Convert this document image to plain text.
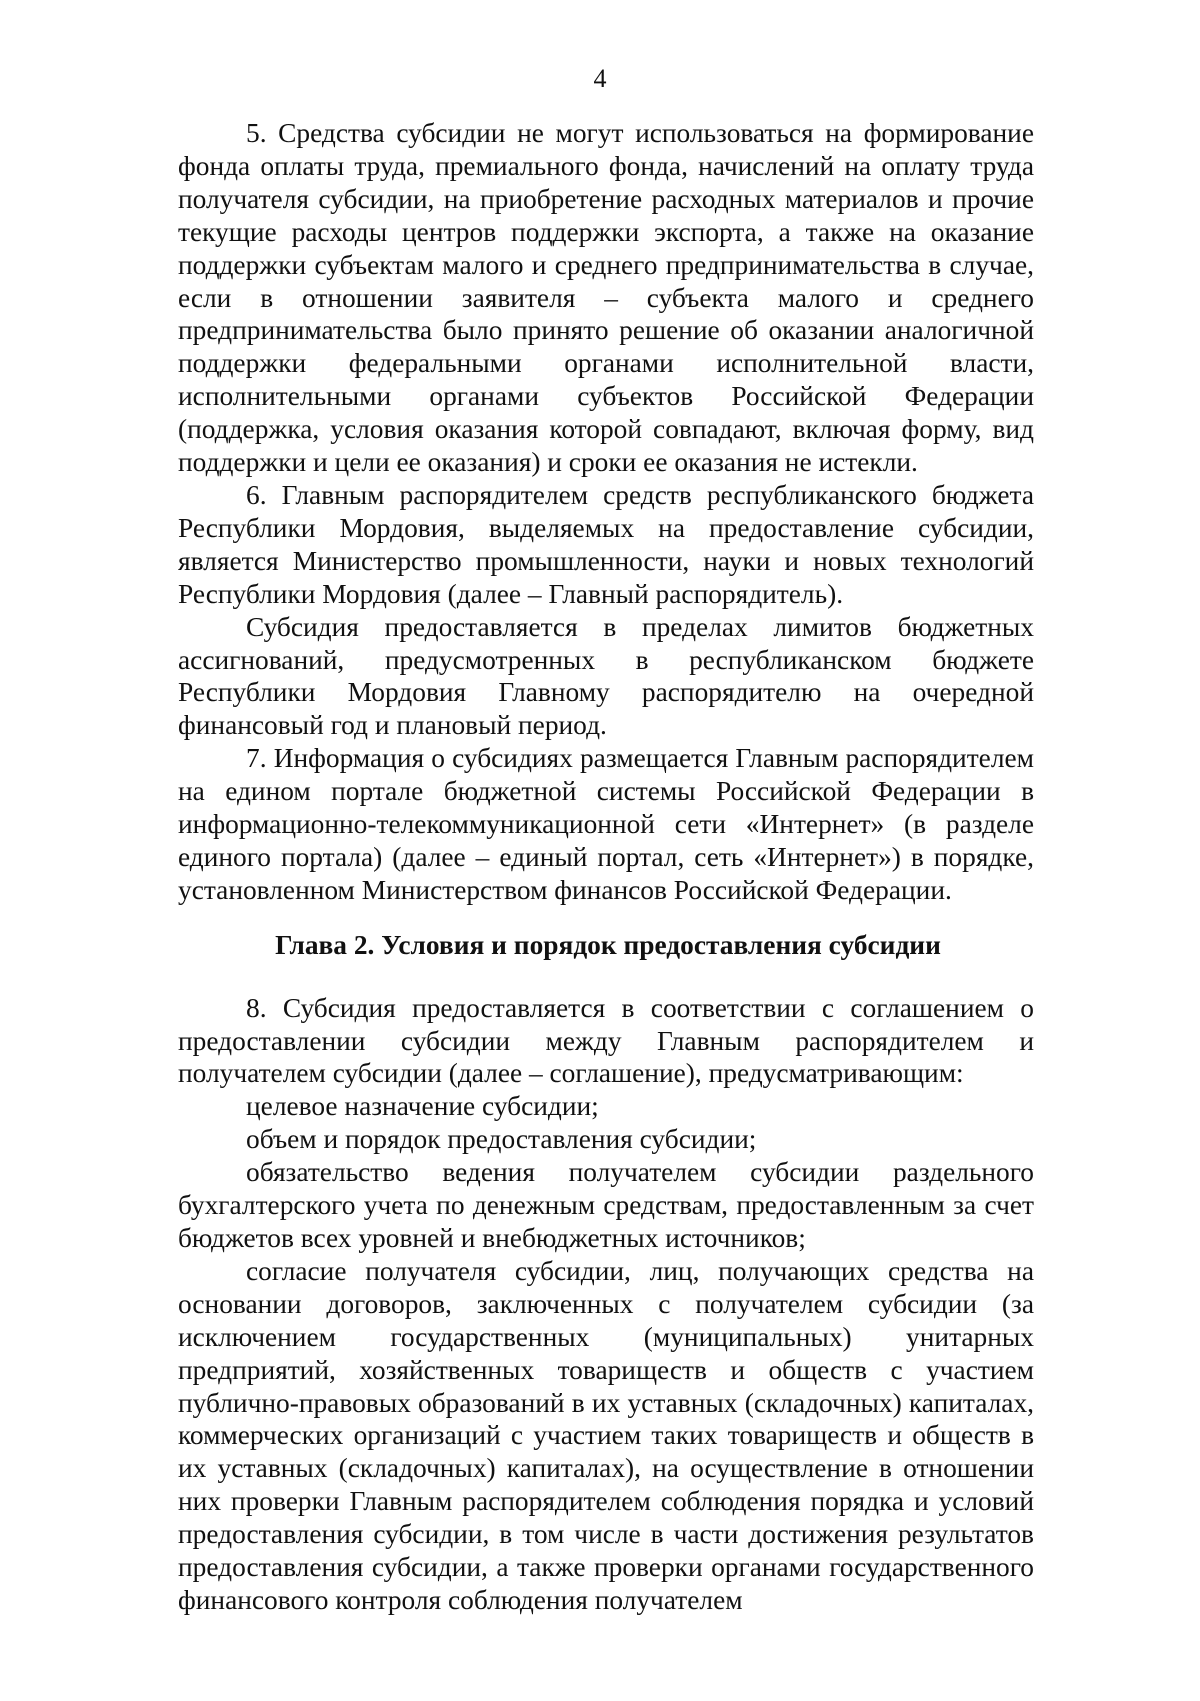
4

5. Средства субсидии не могут использоваться на формирование фонда оплаты труда, премиального фонда, начислений на оплату труда получателя субсидии, на приобретение расходных материалов и прочие текущие расходы центров поддержки экспорта, а также на оказание поддержки субъектам малого и среднего предпринимательства в случае, если в отношении заявителя – субъекта малого и среднего предпринимательства было принято решение об оказании аналогичной поддержки федеральными органами исполнительной власти, исполнительными органами субъектов Российской Федерации (поддержка, условия оказания которой совпадают, включая форму, вид поддержки и цели ее оказания) и сроки ее оказания не истекли.

6. Главным распорядителем средств республиканского бюджета Республики Мордовия, выделяемых на предоставление субсидии, является Министерство промышленности, науки и новых технологий Республики Мордовия (далее – Главный распорядитель).

Субсидия предоставляется в пределах лимитов бюджетных ассигнований, предусмотренных в республиканском бюджете Республики Мордовия Главному распорядителю на очередной финансовый год и плановый период.

7. Информация о субсидиях размещается Главным распорядителем на едином портале бюджетной системы Российской Федерации в информационно-телекоммуникационной сети «Интернет» (в разделе единого портала) (далее – единый портал, сеть «Интернет») в порядке, установленном Министерством финансов Российской Федерации.

Глава 2. Условия и порядок предоставления субсидии

8. Субсидия предоставляется в соответствии с соглашением о предоставлении субсидии между Главным распорядителем и получателем субсидии (далее – соглашение), предусматривающим:

целевое назначение субсидии;

объем и порядок предоставления субсидии;

обязательство ведения получателем субсидии раздельного бухгалтерского учета по денежным средствам, предоставленным за счет бюджетов всех уровней и внебюджетных источников;

согласие получателя субсидии, лиц, получающих средства на основании договоров, заключенных с получателем субсидии (за исключением государственных (муниципальных) унитарных предприятий, хозяйственных товариществ и обществ с участием публично-правовых образований в их уставных (складочных) капиталах, коммерческих организаций с участием таких товариществ и обществ в их уставных (складочных) капиталах), на осуществление в отношении них проверки Главным распорядителем соблюдения порядка и условий предоставления субсидии, в том числе в части достижения результатов предоставления субсидии, а также проверки органами государственного финансового контроля соблюдения получателем
